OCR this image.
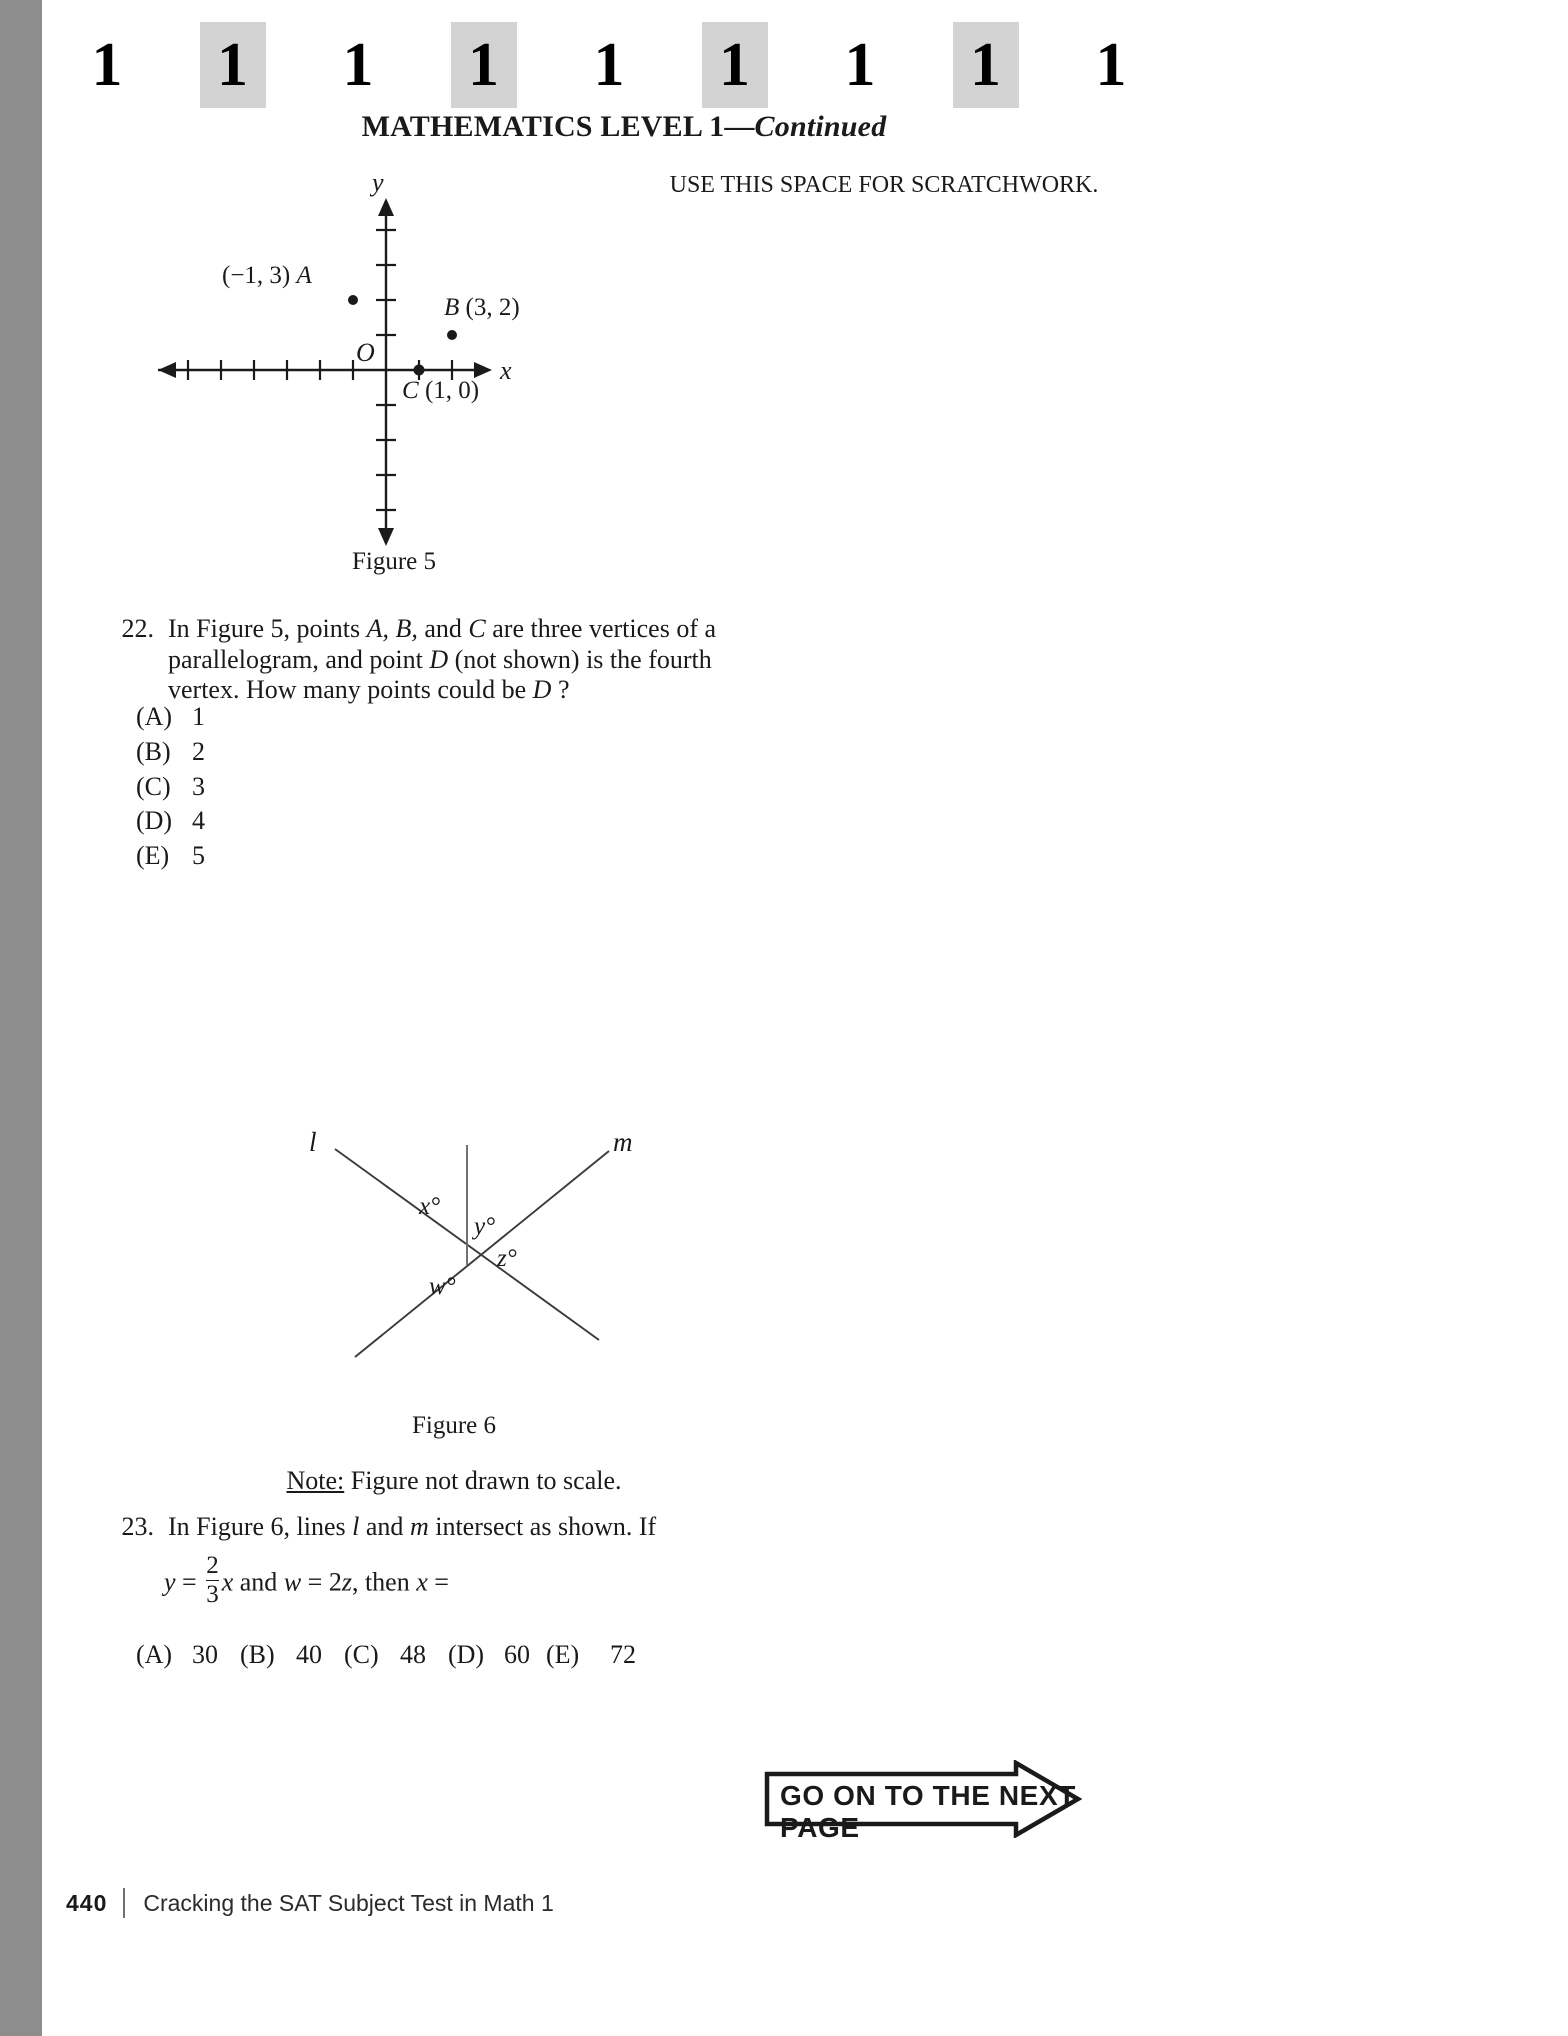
1 1 1 1 1 1 1 1 1
MATHEMATICS LEVEL 1—Continued
USE THIS SPACE FOR SCRATCHWORK.
y
x
O
(−1, 3) A
B (3, 2)
C (1, 0)
Figure 5
22. In Figure 5, points A, B, and C are three vertices of a parallelogram, and point D (not shown) is the fourth vertex. How many points could be D ?
(A) 1
(B) 2
(C) 3
(D) 4
(E) 5
l	m
x°
y°
z°
w°
Figure 6
Note: Figure not drawn to scale.
23. In Figure 6, lines l and m intersect as shown. If
$y = \frac{2}{3}$ x and w = 2z, then x =
(A) 30 (B) 40 (C) 48 (D) 60 (E) 72
GO ON TO THE NEXT PAGE
440 Cracking the SAT Subject Test in Math 1
